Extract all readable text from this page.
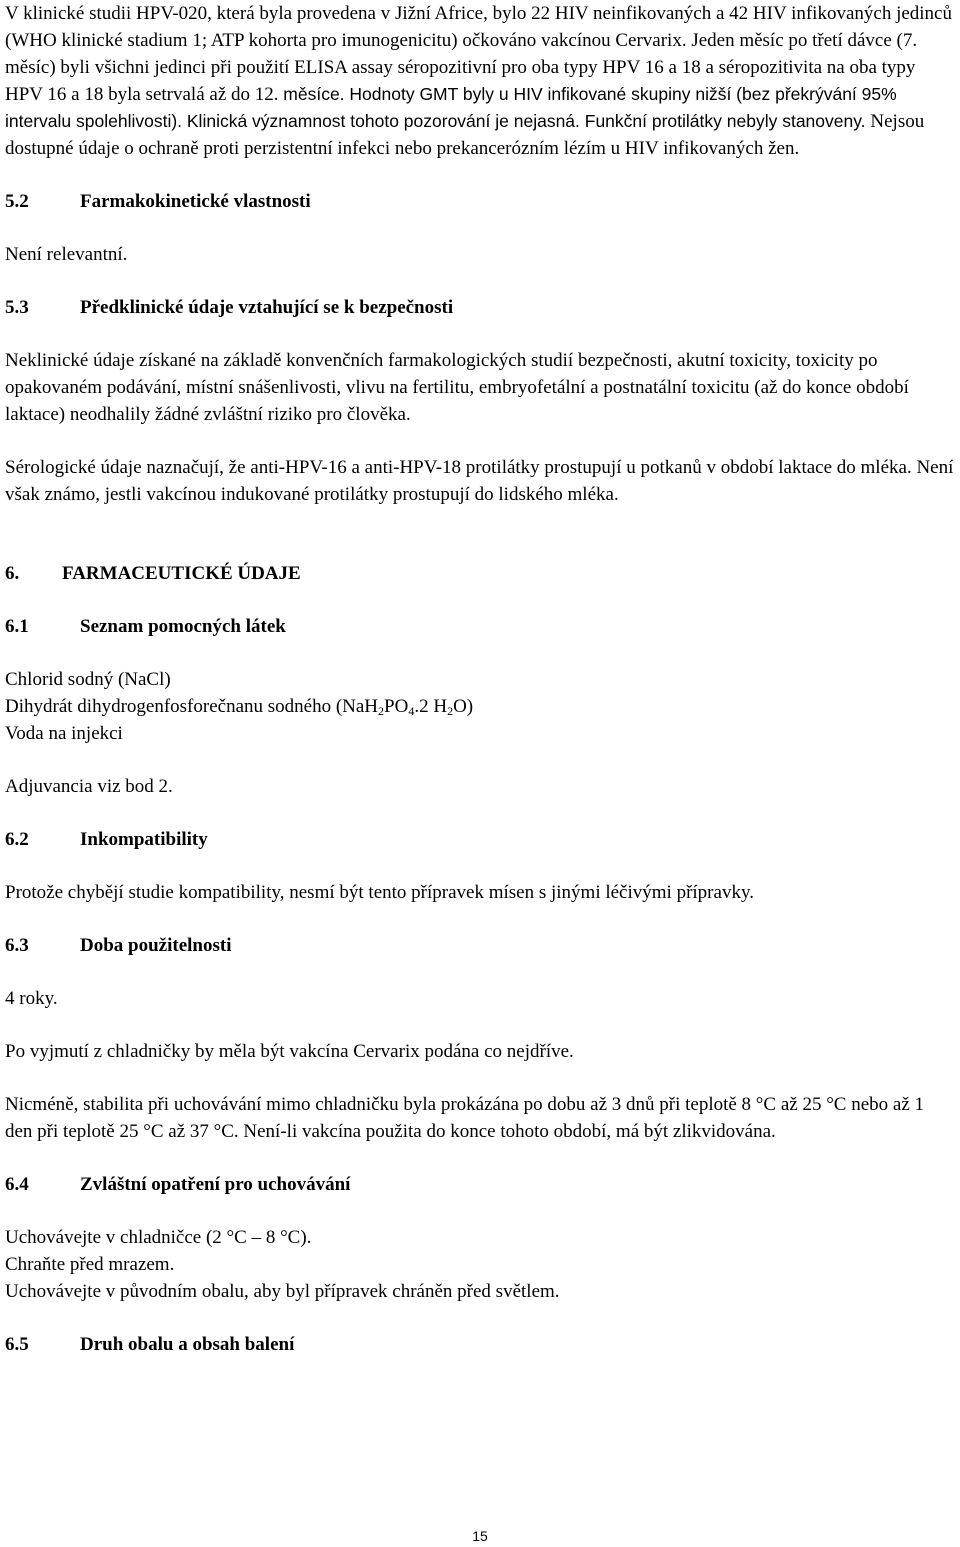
V klinické studii HPV-020, která byla provedena v Jižní Africe, bylo 22 HIV neinfikovaných a 42 HIV infikovaných jedinců (WHO klinické stadium 1; ATP kohorta pro imunogenicitu) očkováno vakcínou Cervarix. Jeden měsíc po třetí dávce (7. měsíc) byli všichni jedinci při použití ELISA assay séropozitivní pro oba typy HPV 16 a 18 a séropozitivita na oba typy HPV 16 a 18 byla setrvalá až do 12. měsíce. Hodnoty GMT byly u HIV infikované skupiny nižší (bez překrývání 95% intervalu spolehlivosti). Klinická významnost tohoto pozorování je nejasná. Funkční protilátky nebyly stanoveny. Nejsou dostupné údaje o ochraně proti perzistentní infekci nebo prekancerózním lézím u HIV infikovaných žen.

5.2	Farmakokinetické vlastnosti

Není relevantní.

5.3	Předklinické údaje vztahující se k bezpečnosti

Neklinické údaje získané na základě konvenčních farmakologických studií bezpečnosti, akutní toxicity, toxicity po opakovaném podávání, místní snášenlivosti, vlivu na fertilitu, embryofetální a postnatální toxicitu (až do konce období laktace) neodhalily žádné zvláštní riziko pro člověka.

Sérologické údaje naznačují, že anti-HPV-16 a anti-HPV-18 protilátky prostupují u potkanů v období laktace do mléka. Není však známo, jestli vakcínou indukované protilátky prostupují do lidského mléka.

6.	FARMACEUTICKÉ ÚDAJE
6.1	Seznam pomocných látek

Chlorid sodný (NaCl)

Dihydrát dihydrogenfosforečnanu sodného ($NaH_2PO_4.2$ $H_2O$)

Voda na injekci

Adjuvancia viz bod 2.

6.2	Inkompatibility

Protože chybějí studie kompatibility, nesmí být tento přípravek mísen s jinými léčivými přípravky.

6.3	Doba použitelnosti

4 roky.

Po vyjmutí z chladničky by měla být vakcína Cervarix podána co nejdříve.

Nicméně, stabilita při uchovávání mimo chladničku byla prokázána po dobu až 3 dnů při teplotě 8 °C až 25 °C nebo až 1 den při teplotě 25 °C až 37 °C. Není-li vakcína použita do konce tohoto období, má být zlikvidována.

6.4	Zvláštní opatření pro uchovávání

Uchovávejte v chladničce (2 °C – 8 °C).

Chraňte před mrazem.

Uchovávejte v původním obalu, aby byl přípravek chráněn před světlem.

6.5	Druh obalu a obsah balení
15
